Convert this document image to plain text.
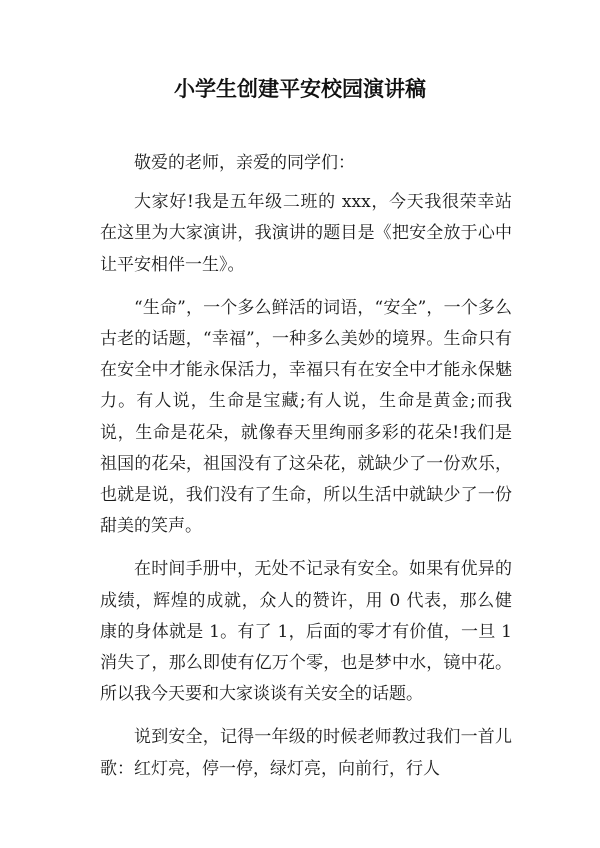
小学生创建平安校园演讲稿

敬爱的老师，亲爱的同学们：

大家好!我是五年级二班的 xxx，今天我很荣幸站在这里为大家演讲，我演讲的题目是《把安全放于心中让平安相伴一生》。

“生命”，一个多么鲜活的词语，“安全”，一个多么古老的话题，“幸福”，一种多么美妙的境界。生命只有在安全中才能永保活力，幸福只有在安全中才能永保魅力。有人说，生命是宝藏;有人说，生命是黄金;而我说，生命是花朵，就像春天里绚丽多彩的花朵!我们是祖国的花朵，祖国没有了这朵花，就缺少了一份欢乐，也就是说，我们没有了生命，所以生活中就缺少了一份甜美的笑声。

在时间手册中，无处不记录有安全。如果有优异的成绩，辉煌的成就，众人的赞许，用 0 代表，那么健康的身体就是 1。有了 1，后面的零才有价值，一旦 1 消失了，那么即使有亿万个零，也是梦中水，镜中花。所以我今天要和大家谈谈有关安全的话题。

说到安全，记得一年级的时候老师教过我们一首儿歌：红灯亮，停一停，绿灯亮，向前行，行人
